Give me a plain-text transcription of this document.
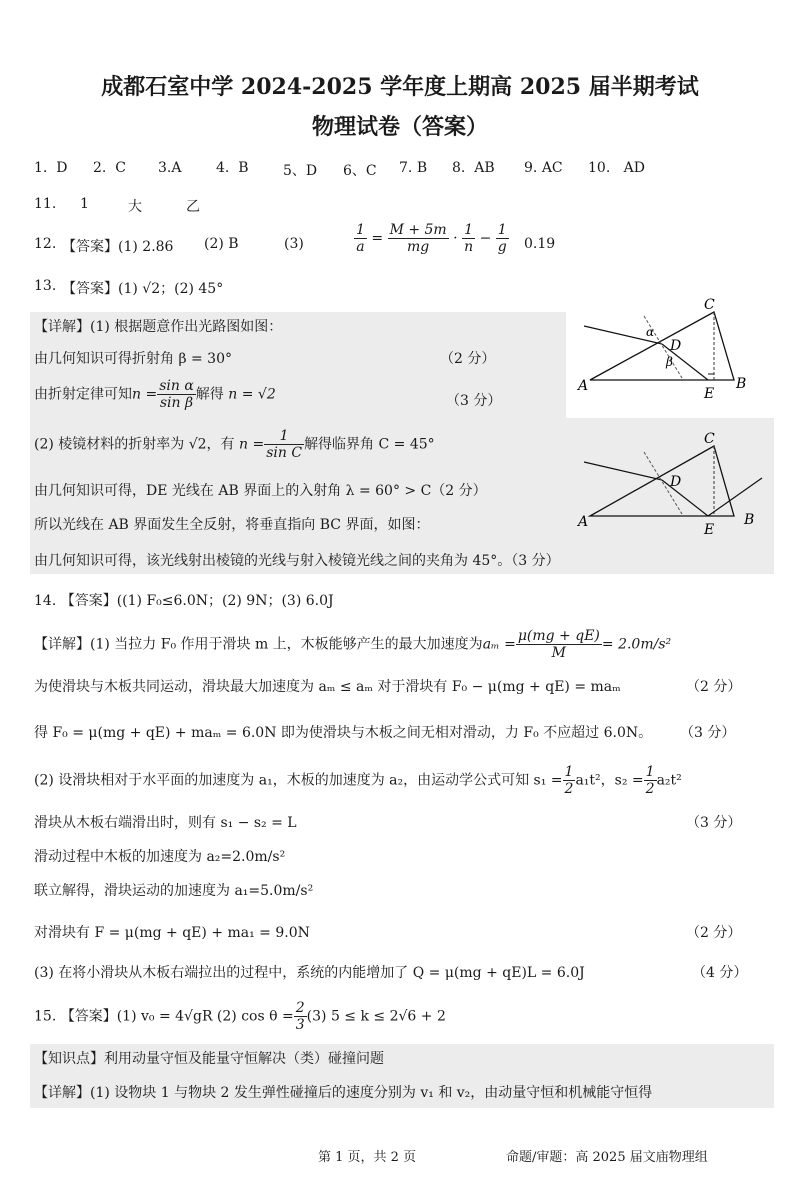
成都石室中学 2024-2025 学年度上期高 2025 届半期考试
物理试卷（答案）
1. D 2. C 3.A 4. B 5、D 6、C 7. B 8. AB 9. AC 10. AD
11. 1	大	乙
12. 【答案】(1) 2.86 (2) B	(3)	$\frac{1}{a} = \frac{M + 5m}{mg} \cdot \frac{1}{n} - \frac{1}{g} 0.19$
13. 【答案】(1) √2；(2) 45°
【详解】(1) 根据题意作出光路图如图：
由几何知识可得折射角 β = 30°	（2 分）
由折射定律可知$n = \frac{\text{sin α}}{\text{sin β}}$ 解得 n = √2	（3 分）
(2) 棱镜材料的折射率为 √2，有 $n = \frac{1}{\text{sin C}}$ 解得临界角 C = 45°
由几何知识可得，DE 光线在 AB 界面上的入射角 λ = 60° > C（2 分）
所以光线在 AB 界面发生全反射，将垂直指向 BC 界面，如图：
由几何知识可得，该光线射出棱镜的光线与射入棱镜光线之间的夹角为 45°。（3 分）
A	B
C
D
E
α
β
A	B
C
D
E
14. 【答案】((1) F₀≤6.0N；(2) 9N；(3) 6.0J
【详解】(1) 当拉力 F₀ 作用于滑块 m 上，木板能够产生的最大加速度为$a_m = \frac{\mu(mg + qE)}{M} = 2.0m/s^2$
为使滑块与木板共同运动，滑块最大加速度为 aₘ ≤ aₘ 对于滑块有 F₀ − μ(mg + qE) = maₘ	（2 分）
得 F₀ = μ(mg + qE) + maₘ = 6.0N 即为使滑块与木板之间无相对滑动，力 F₀ 不应超过 6.0N。 （3 分）
(2) 设滑块相对于水平面的加速度为 a₁，木板的加速度为 a₂，由运动学公式可知 $s_1 = \frac{1}{2} a_1t^2$，$s_2 = \frac{1}{2} a_2t^2$
滑块从木板右端滑出时，则有 s₁ − s₂ = L	（3 分）
滑动过程中木板的加速度为 a₂=2.0m/s²
联立解得，滑块运动的加速度为 a₁=5.0m/s²
对滑块有 F = μ(mg + qE) + ma₁ = 9.0N	（2 分）
(3) 在将小滑块从木板右端拉出的过程中，系统的内能增加了 Q = μ(mg + qE)L = 6.0J	（4 分）
15. 【答案】(1) v₀ = 4√gR (2) $\cos \theta = \frac{2}{3} (3) 5 \le k \le 2√6 + 2$
【知识点】利用动量守恒及能量守恒解决（类）碰撞问题
【详解】(1) 设物块 1 与物块 2 发生弹性碰撞后的速度分别为 v₁ 和 v₂，由动量守恒和机械能守恒得
第 1 页，共 2 页	命题/审题：高 2025 届文庙物理组
